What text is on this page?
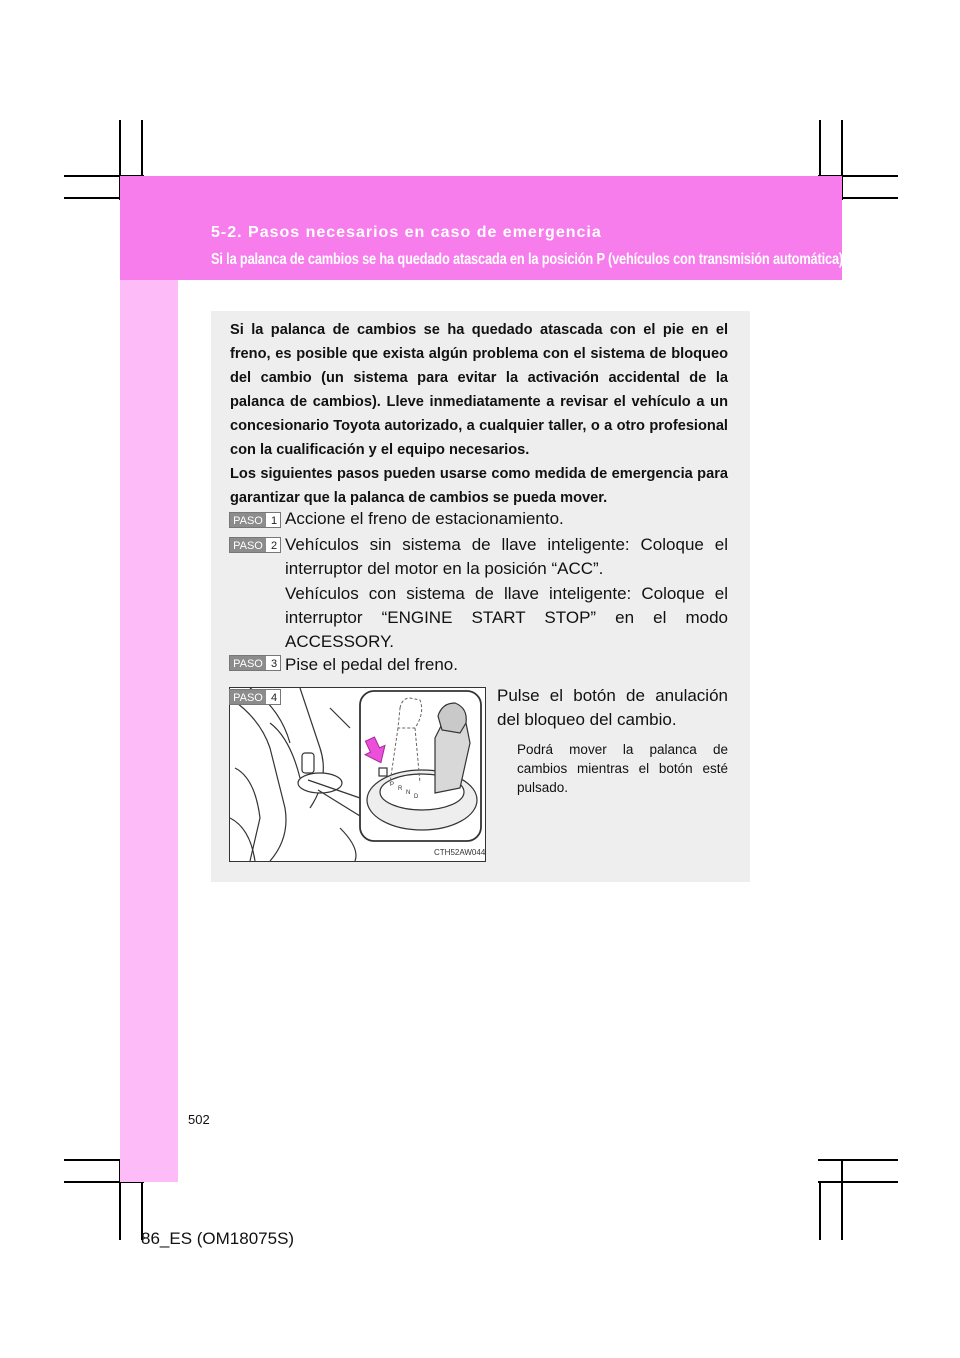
5-2. Pasos necesarios en caso de emergencia
Si la palanca de cambios se ha quedado atascada en la posición P (vehículos con transmisión automática)

Si la palanca de cambios se ha quedado atascada con el pie en el freno, es posible que exista algún problema con el sistema de bloqueo del cambio (un sistema para evitar la activación accidental de la palanca de cambios). Lleve inmediatamente a revisar el vehículo a un concesionario Toyota autorizado, a cualquier taller, o a otro profesional con la cualificación y el equipo necesarios.

Los siguientes pasos pueden usarse como medida de emergencia para garantizar que la palanca de cambios se pueda mover.

PASO 1 Accione el freno de estacionamiento.

PASO 2 Vehículos sin sistema de llave inteligente: Coloque el interruptor del motor en la posición “ACC”.

Vehículos con sistema de llave inteligente: Coloque el interruptor “ENGINE START STOP” en el modo ACCESSORY.

PASO 3 Pise el pedal del freno.

P
R
N
D
CTH52AW044
PASO 4	Pulse el botón de anulación del bloqueo del cambio.

Podrá mover la palanca de cambios mientras el botón esté pulsado.

502
86_ES (OM18075S)
